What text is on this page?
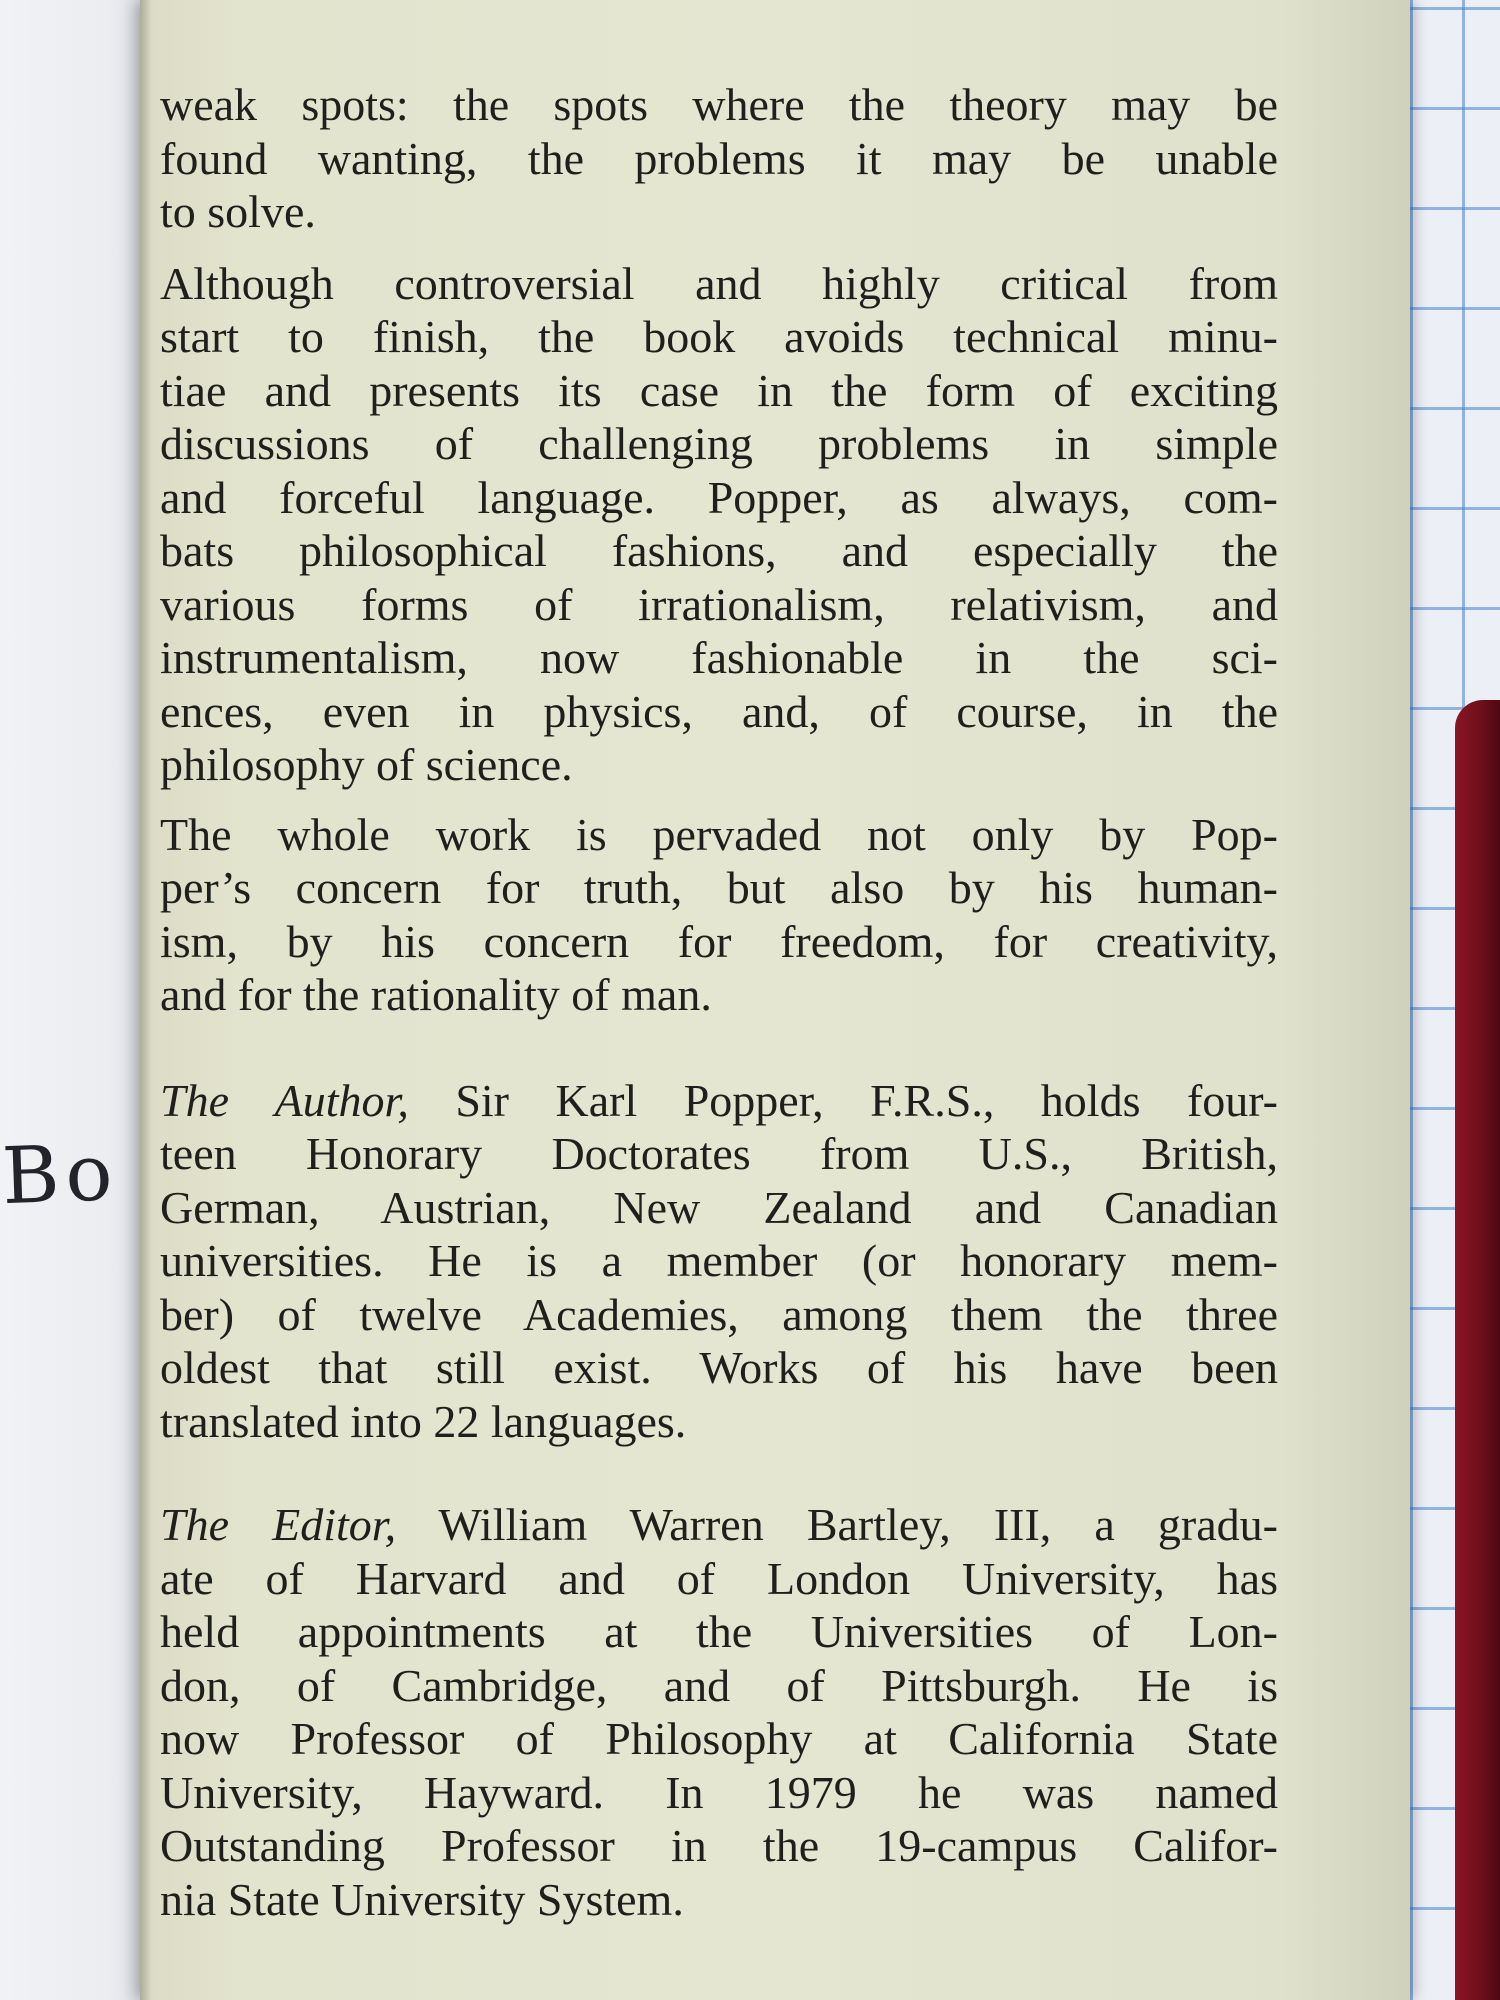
Bo

weak spots: the spots where the theory may be
found wanting, the problems it may be unable
to solve.

Although controversial and highly critical from
start to finish, the book avoids technical minu-
tiae and presents its case in the form of exciting
discussions of challenging problems in simple
and forceful language. Popper, as always, com-
bats philosophical fashions, and especially the
various forms of irrationalism, relativism, and
instrumentalism, now fashionable in the sci-
ences, even in physics, and, of course, in the
philosophy of science.

The whole work is pervaded not only by Pop-
per’s concern for truth, but also by his human-
ism, by his concern for freedom, for creativity,
and for the rationality of man.

The Author, Sir Karl Popper, F.R.S., holds four-
teen Honorary Doctorates from U.S., British,
German, Austrian, New Zealand and Canadian
universities. He is a member (or honorary mem-
ber) of twelve Academies, among them the three
oldest that still exist. Works of his have been
translated into 22 languages.

The Editor, William Warren Bartley, III, a gradu-
ate of Harvard and of London University, has
held appointments at the Universities of Lon-
don, of Cambridge, and of Pittsburgh. He is
now Professor of Philosophy at California State
University, Hayward. In 1979 he was named
Outstanding Professor in the 19-campus Califor-
nia State University System.
